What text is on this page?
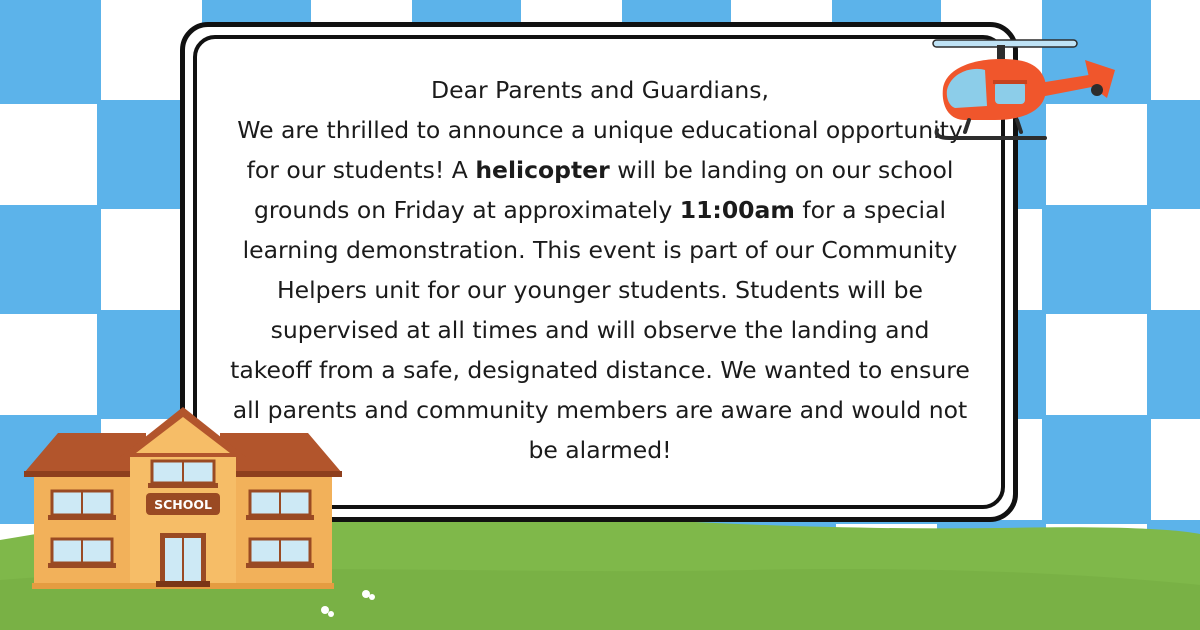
Dear Parents and Guardians,

We are thrilled to announce a unique educational opportunity for our students! A helicopter will be landing on our school grounds on Friday at approximately 11:00am for a special learning demonstration. This event is part of our Community Helpers unit for our younger students. Students will be supervised at all times and will observe the landing and takeoff from a safe, designated distance. We wanted to ensure all parents and community members are aware and would not be alarmed!

SCHOOL
